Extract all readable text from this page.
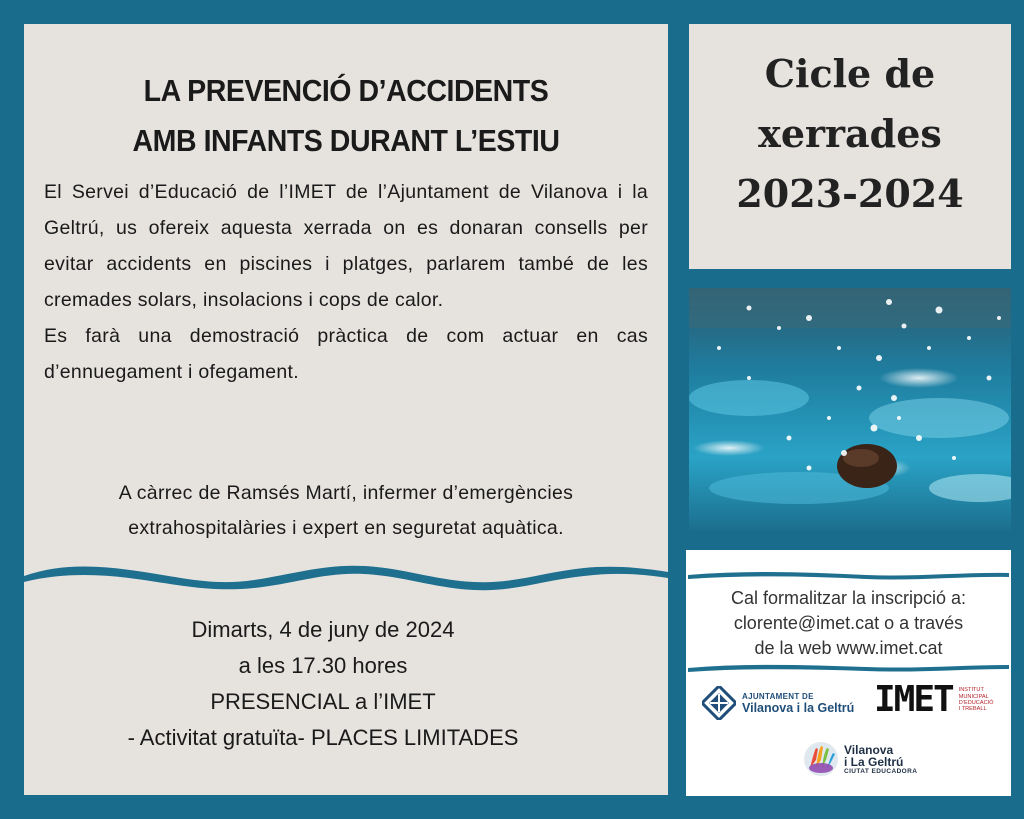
LA PREVENCIÓ D’ACCIDENTS
AMB INFANTS DURANT L’ESTIU
El Servei d’Educació de l’IMET de l’Ajuntament de Vilanova i la Geltrú, us ofereix aquesta xerrada on es donaran consells per evitar accidents en piscines i platges, parlarem també de les cremades solars, insolacions i cops de calor.
Es farà una demostració pràctica de com actuar en cas d’ennuegament i ofegament.
A càrrec de Ramsés Martí, infermer d’emergències
extrahospitalàries i expert en seguretat aquàtica.
Dimarts, 4 de juny de 2024
a les 17.30 hores
PRESENCIAL a l’IMET
- Activitat gratuïta- PLACES LIMITADES
Cicle de
xerrades
2023-2024
Cal formalitzar la inscripció a:
clorente@imet.cat o a través
de la web www.imet.cat
AJUNTAMENT DE
Vilanova i la Geltrú IMET INSTITUT
MUNICIPAL
D’EDUCACIÓ
I TREBALL
Vilanova
i La Geltrú
CIUTAT EDUCADORA
